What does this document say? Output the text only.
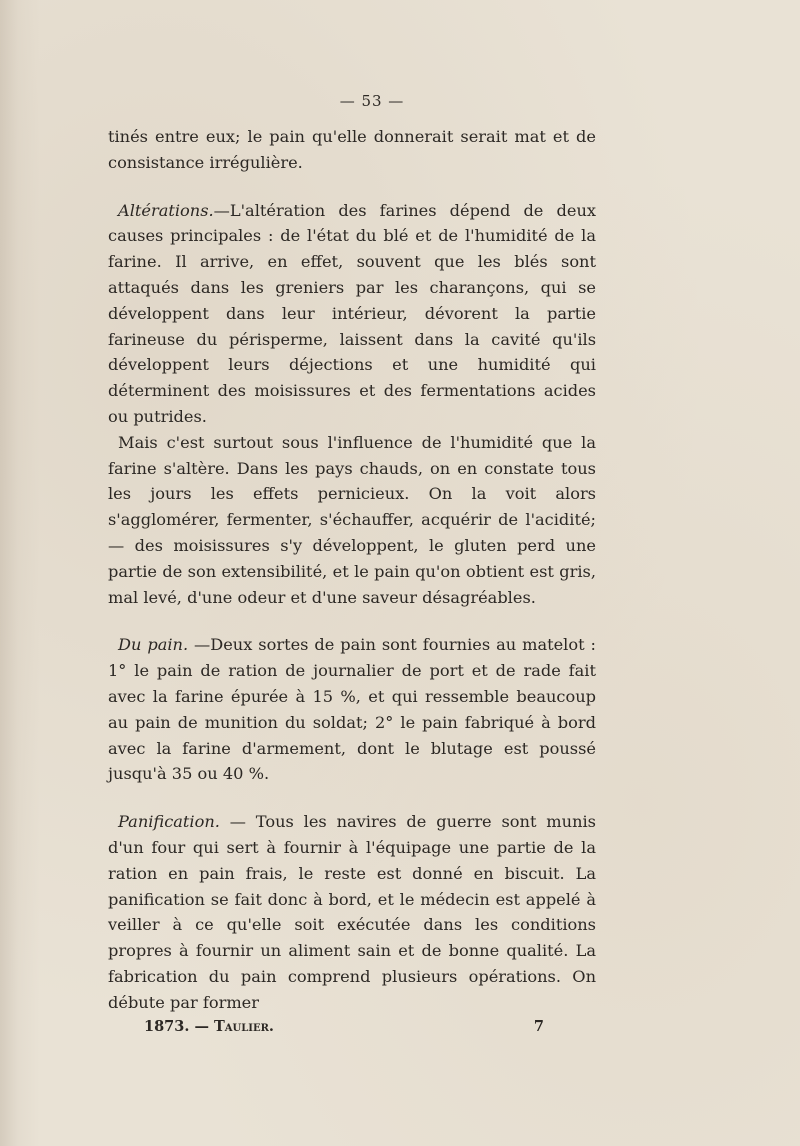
— 53 —

tinés entre eux; le pain qu'elle donnerait serait mat et de consistance irrégulière.

Altérations.—L'altération des farines dépend de deux causes principales : de l'état du blé et de l'humidité de la farine. Il arrive, en effet, souvent que les blés sont attaqués dans les greniers par les charançons, qui se développent dans leur intérieur, dévorent la partie farineuse du périsperme, laissent dans la cavité qu'ils développent leurs déjections et une humidité qui déterminent des moisissures et des fermentations acides ou putrides.

Mais c'est surtout sous l'influence de l'humidité que la farine s'altère. Dans les pays chauds, on en constate tous les jours les effets pernicieux. On la voit alors s'agglomérer, fermenter, s'échauffer, acquérir de l'acidité; — des moisissures s'y développent, le gluten perd une partie de son extensibilité, et le pain qu'on obtient est gris, mal levé, d'une odeur et d'une saveur désagréables.

Du pain. —Deux sortes de pain sont fournies au matelot : 1° le pain de ration de journalier de port et de rade fait avec la farine épurée à 15 %, et qui ressemble beaucoup au pain de munition du soldat; 2° le pain fabriqué à bord avec la farine d'armement, dont le blutage est poussé jusqu'à 35 ou 40 %.

Panification. — Tous les navires de guerre sont munis d'un four qui sert à fournir à l'équipage une partie de la ration en pain frais, le reste est donné en biscuit. La panification se fait donc à bord, et le médecin est appelé à veiller à ce qu'elle soit exécutée dans les conditions propres à fournir un aliment sain et de bonne qualité. La fabrication du pain comprend plusieurs opérations. On débute par former

1873. — Taulier.	7
